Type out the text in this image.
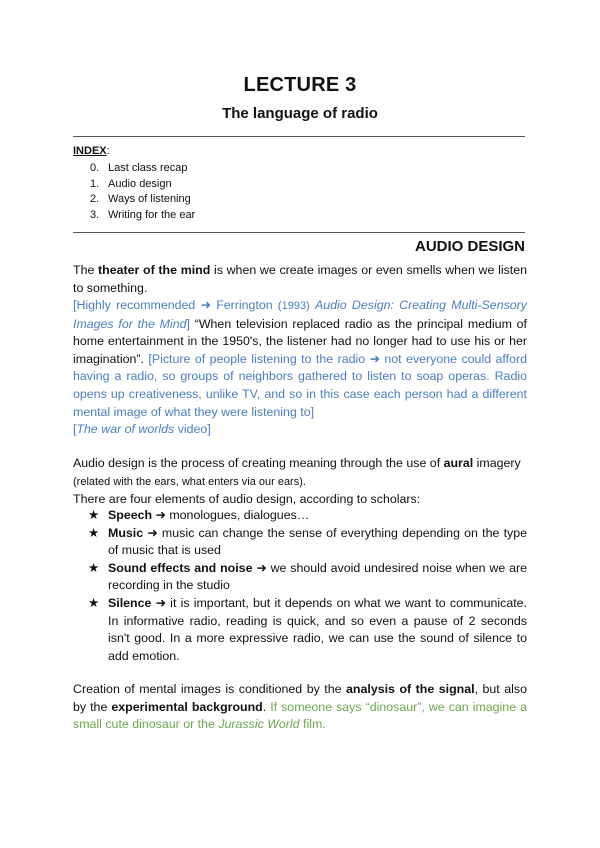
LECTURE 3
The language of radio
INDEX:
0. Last class recap
1. Audio design
2. Ways of listening
3. Writing for the ear
AUDIO DESIGN
The theater of the mind is when we create images or even smells when we listen to something.
[Highly recommended ➜ Ferrington (1993) Audio Design: Creating Multi-Sensory Images for the Mind] “When television replaced radio as the principal medium of home entertainment in the 1950's, the listener had no longer had to use his or her imagination”. [Picture of people listening to the radio ➜ not everyone could afford having a radio, so groups of neighbors gathered to listen to soap operas. Radio opens up creativeness, unlike TV, and so in this case each person had a different mental image of what they were listening to]
[The war of worlds video]
Audio design is the process of creating meaning through the use of aural imagery
(related with the ears, what enters via our ears).
There are four elements of audio design, according to scholars:
★ Speech ➜ monologues, dialogues…
★ Music ➜ music can change the sense of everything depending on the type of music that is used
★ Sound effects and noise ➜ we should avoid undesired noise when we are recording in the studio
★ Silence ➜ it is important, but it depends on what we want to communicate. In informative radio, reading is quick, and so even a pause of 2 seconds isn't good. In a more expressive radio, we can use the sound of silence to add emotion.
Creation of mental images is conditioned by the analysis of the signal, but also by the experimental background. If someone says “dinosaur”, we can imagine a small cute dinosaur or the Jurassic World film.
